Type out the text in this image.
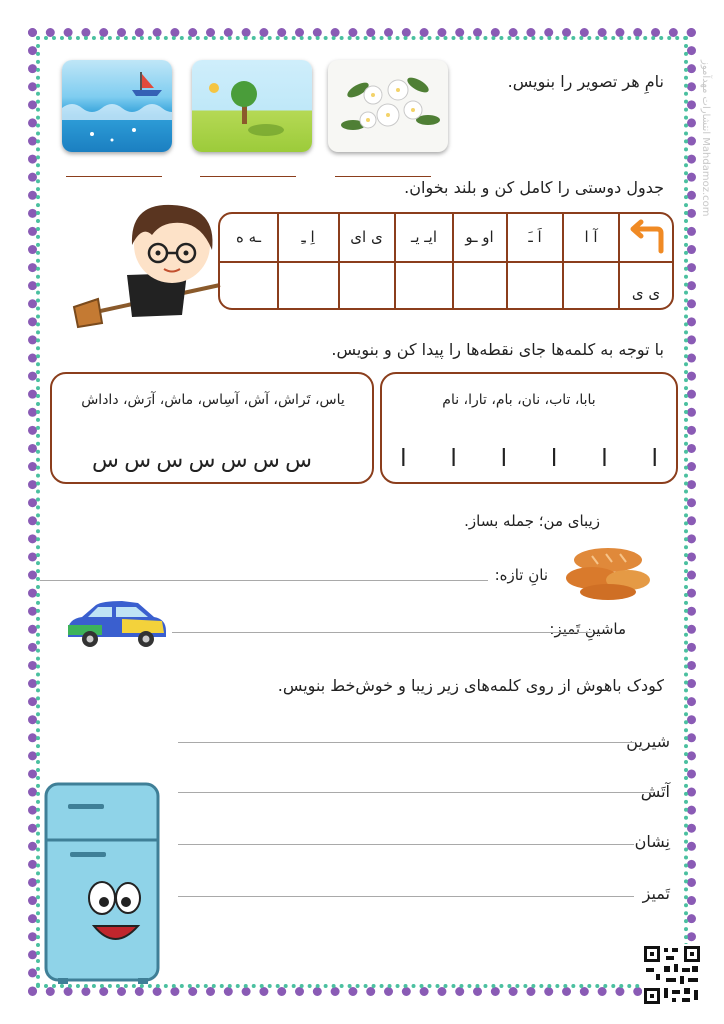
انتشارات مهدآموز Mahdamoz.com
نامِ هر تصویر را بنویس.
جدول دوستی را کامل کن و بلند بخوان.
آ ا
اَ ـَ
او ـو
ایـ یـ
ی ای
اِ ـِ
ـه ه
ی ی
با توجه به کلمه‌ها جای نقطه‌ها را پیدا کن و بنویس.
بابا، تاب، نان، بام، تارا، نام
ا
ا
ا
ا
ا
ا
یاس، تَراش، آش، آسِاس، ماش، آرَش، داداش
س
س
س
س
س
س
س
زیبای من؛ جمله بساز.
نانِ تازه:
ماشینِ تَمیز:
کودک باهوش از روی کلمه‌های زیر زیبا و خوش‌خط بنویس.
شیرین
آتَش
نِشان
تَمیز
